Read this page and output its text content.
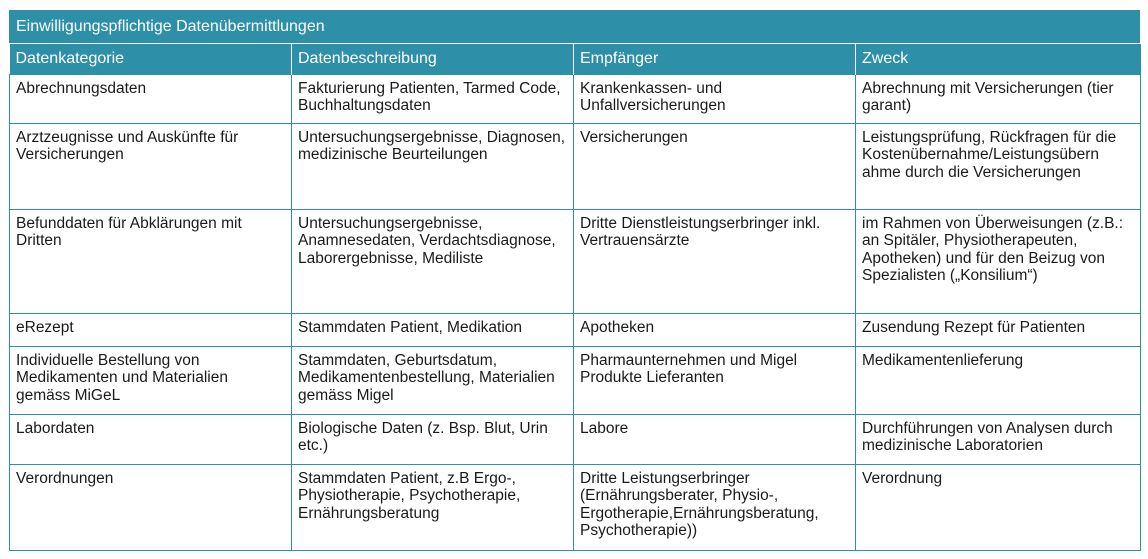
Einwilligungspflichtige Datenübermittlungen
Datenkategorie	Datenbeschreibung	Empfänger	Zweck
Abrechnungsdaten	Fakturierung Patienten, Tarmed Code, Buchhaltungsdaten	Krankenkassen- und Unfallversicherungen	Abrechnung mit Versicherungen (tier garant)
Arztzeugnisse und Auskünfte für Versicherungen	Untersuchungsergebnisse, Diagnosen, medizinische Beurteilungen	Versicherungen	Leistungsprüfung, Rückfragen für die Kostenübernahme/Leistungsübern ahme durch die Versicherungen
Befunddaten für Abklärungen mit Dritten	Untersuchungsergebnisse, Anamnesedaten, Verdachtsdiagnose, Laborergebnisse, Mediliste	Dritte Dienstleistungserbringer inkl. Vertrauensärzte	im Rahmen von Überweisungen (z.B.: an Spitäler, Physiotherapeuten, Apotheken) und für den Beizug von Spezialisten („Konsilium“)
eRezept	Stammdaten Patient, Medikation	Apotheken	Zusendung Rezept für Patienten
Individuelle Bestellung von Medikamenten und Materialien gemäss MiGeL	Stammdaten, Geburtsdatum, Medikamentenbestellung, Materialien gemäss Migel	Pharmaunternehmen und Migel Produkte Lieferanten	Medikamentenlieferung
Labordaten	Biologische Daten (z. Bsp. Blut, Urin etc.)	Labore	Durchführungen von Analysen durch medizinische Laboratorien
Verordnungen	Stammdaten Patient, z.B Ergo-, Physiotherapie, Psychotherapie, Ernährungsberatung	Dritte Leistungserbringer (Ernährungsberater, Physio-, Ergotherapie,Ernährungsberatung, Psychotherapie))	Verordnung
